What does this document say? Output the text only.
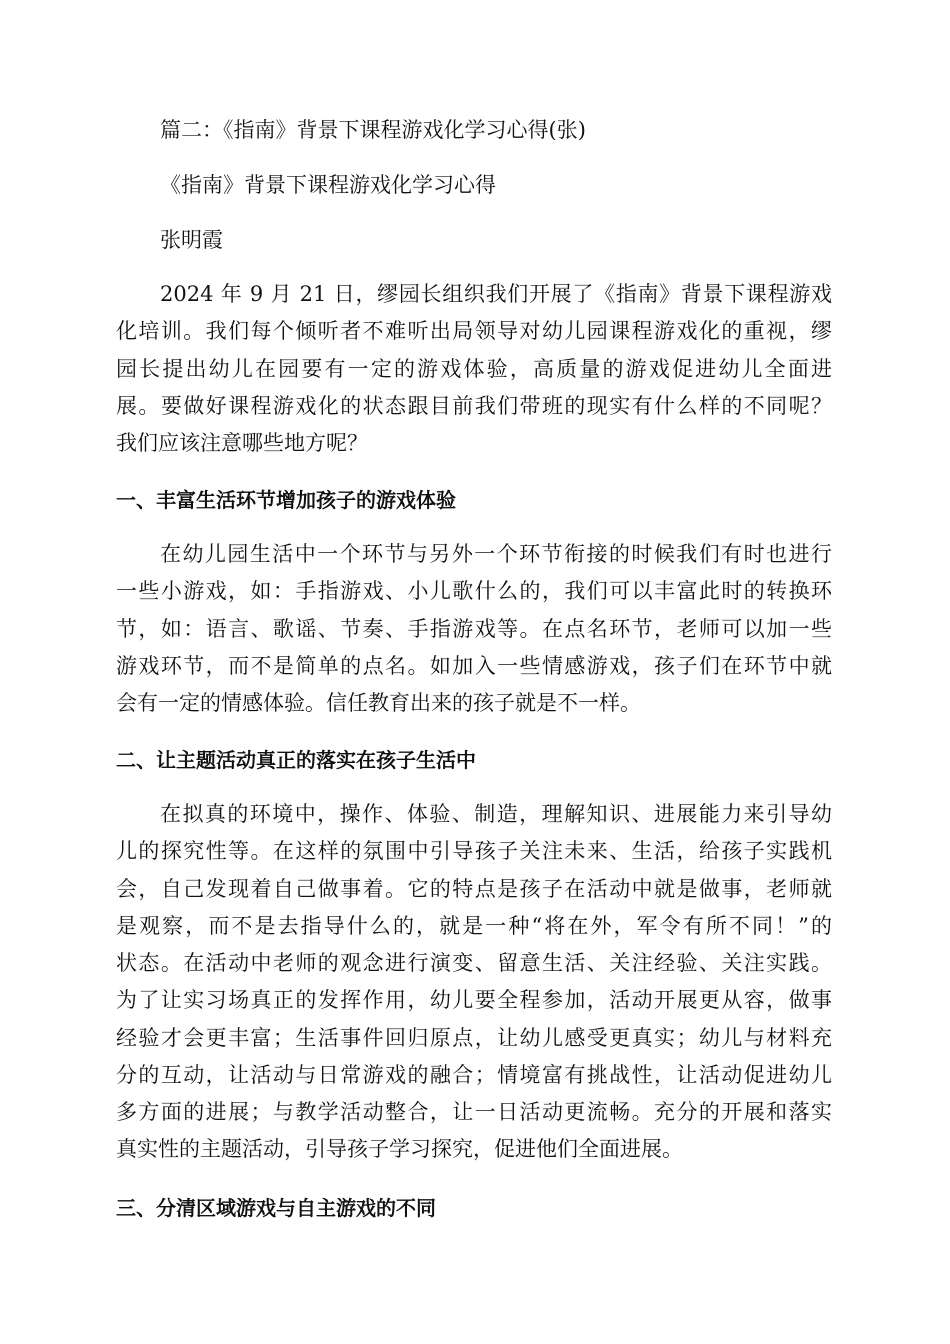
篇二：《指南》背景下课程游戏化学习心得(张)
《指南》背景下课程游戏化学习心得
张明霞
2024 年 9 月 21 日，缪园长组织我们开展了《指南》背景下课程游戏
化培训。我们每个倾听者不难听出局领导对幼儿园课程游戏化的重视，缪
园长提出幼儿在园要有一定的游戏体验，高质量的游戏促进幼儿全面进
展。要做好课程游戏化的状态跟目前我们带班的现实有什么样的不同呢？
我们应该注意哪些地方呢？
一、丰富生活环节增加孩子的游戏体验
在幼儿园生活中一个环节与另外一个环节衔接的时候我们有时也进行
一些小游戏，如：手指游戏、小儿歌什么的，我们可以丰富此时的转换环
节，如：语言、歌谣、节奏、手指游戏等。在点名环节，老师可以加一些
游戏环节，而不是简单的点名。如加入一些情感游戏，孩子们在环节中就
会有一定的情感体验。信任教育出来的孩子就是不一样。
二、让主题活动真正的落实在孩子生活中
在拟真的环境中，操作、体验、制造，理解知识、进展能力来引导幼
儿的探究性等。在这样的氛围中引导孩子关注未来、生活，给孩子实践机
会，自己发现着自己做事着。它的特点是孩子在活动中就是做事，老师就
是观察，而不是去指导什么的，就是一种“将在外，军令有所不同！”的
状态。在活动中老师的观念进行演变、留意生活、关注经验、关注实践。
为了让实习场真正的发挥作用，幼儿要全程参加，活动开展更从容，做事
经验才会更丰富；生活事件回归原点，让幼儿感受更真实；幼儿与材料充
分的互动，让活动与日常游戏的融合；情境富有挑战性，让活动促进幼儿
多方面的进展；与教学活动整合，让一日活动更流畅。充分的开展和落实
真实性的主题活动，引导孩子学习探究，促进他们全面进展。
三、分清区域游戏与自主游戏的不同
